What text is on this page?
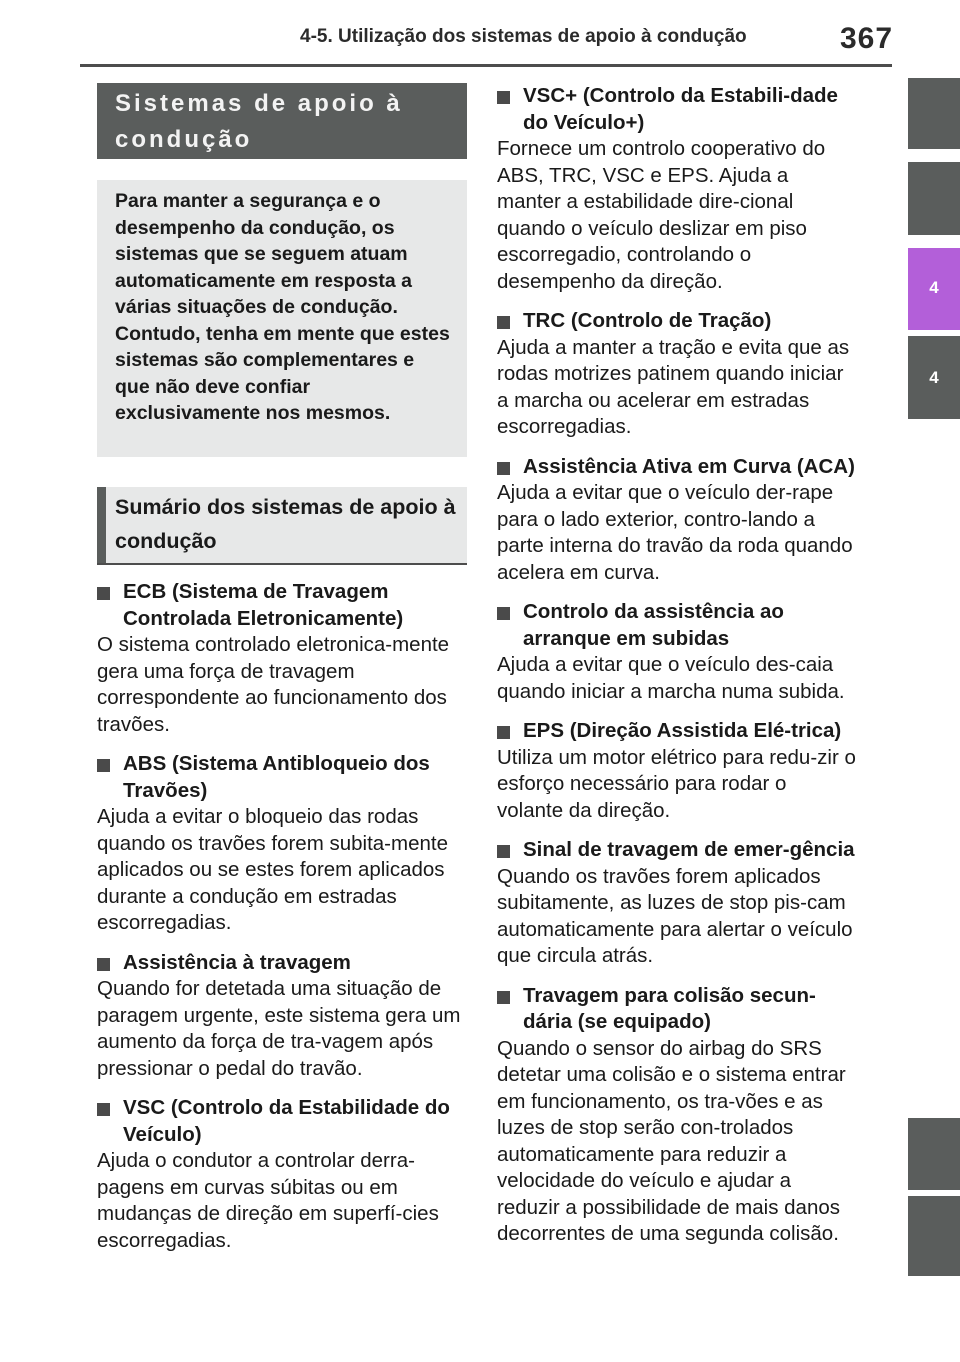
4-5. Utilização dos sistemas de apoio à condução	367
4
4
Sistemas de apoio à condução
Para manter a segurança e o desempenho da condução, os sistemas que se seguem atuam automaticamente em resposta a várias situações de condução. Contudo, tenha em mente que estes sistemas são complementares e que não deve confiar exclusivamente nos mesmos.
Sumário dos sistemas de apoio à condução
ECB (Sistema de Travagem Controlada Eletronicamente)
O sistema controlado eletronica-mente gera uma força de travagem correspondente ao funcionamento dos travões.
ABS (Sistema Antibloqueio dos Travões)
Ajuda a evitar o bloqueio das rodas quando os travões forem subita-mente aplicados ou se estes forem aplicados durante a condução em estradas escorregadias.
Assistência à travagem
Quando for detetada uma situação de paragem urgente, este sistema gera um aumento da força de tra-vagem após pressionar o pedal do travão.
VSC (Controlo da Estabilidade do Veículo)
Ajuda o condutor a controlar derra-pagens em curvas súbitas ou em mudanças de direção em superfí-cies escorregadias.
VSC+ (Controlo da Estabili-dade do Veículo+)
Fornece um controlo cooperativo do ABS, TRC, VSC e EPS. Ajuda a manter a estabilidade dire-cional quando o veículo deslizar em piso escorregadio, controlando o desempenho da direção.
TRC (Controlo de Tração)
Ajuda a manter a tração e evita que as rodas motrizes patinem quando iniciar a marcha ou acelerar em estradas escorregadias.
Assistência Ativa em Curva (ACA)
Ajuda a evitar que o veículo der-rape para o lado exterior, contro-lando a parte interna do travão da roda quando acelera em curva.
Controlo da assistência ao arranque em subidas
Ajuda a evitar que o veículo des-caia quando iniciar a marcha numa subida.
EPS (Direção Assistida Elé-trica)
Utiliza um motor elétrico para redu-zir o esforço necessário para rodar o volante da direção.
Sinal de travagem de emer-gência
Quando os travões forem aplicados subitamente, as luzes de stop pis-cam automaticamente para alertar o veículo que circula atrás.
Travagem para colisão secun-dária (se equipado)
Quando o sensor do airbag do SRS detetar uma colisão e o sistema entrar em funcionamento, os tra-vões e as luzes de stop serão con-trolados automaticamente para reduzir a velocidade do veículo e ajudar a reduzir a possibilidade de mais danos decorrentes de uma segunda colisão.
